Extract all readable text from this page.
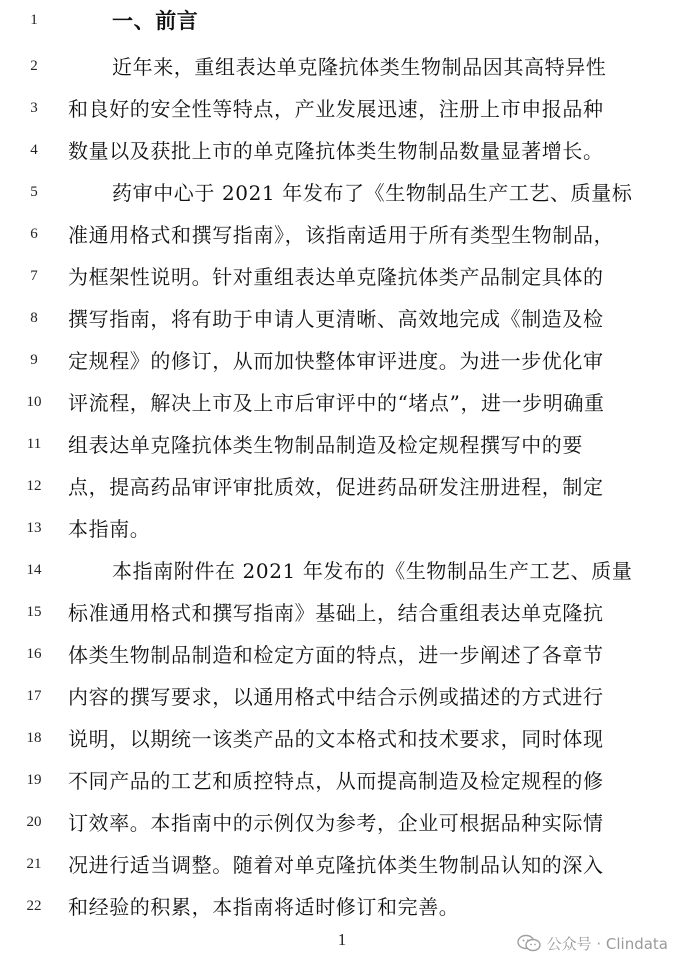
1
2
3
4
5
6
7
8
9
10
11
12
13
14
15
16
17
18
19
20
21
22
一、前言
近年来，重组表达单克隆抗体类生物制品因其高特异性
和良好的安全性等特点，产业发展迅速，注册上市申报品种
数量以及获批上市的单克隆抗体类生物制品数量显著增长。
药审中心于 2021 年发布了《生物制品生产工艺、质量标
准通用格式和撰写指南》，该指南适用于所有类型生物制品，
为框架性说明。针对重组表达单克隆抗体类产品制定具体的
撰写指南，将有助于申请人更清晰、高效地完成《制造及检
定规程》的修订，从而加快整体审评进度。为进一步优化审
评流程，解决上市及上市后审评中的“堵点”，进一步明确重
组表达单克隆抗体类生物制品制造及检定规程撰写中的要
点，提高药品审评审批质效，促进药品研发注册进程，制定
本指南。
本指南附件在 2021 年发布的《生物制品生产工艺、质量
标准通用格式和撰写指南》基础上，结合重组表达单克隆抗
体类生物制品制造和检定方面的特点，进一步阐述了各章节
内容的撰写要求，以通用格式中结合示例或描述的方式进行
说明，以期统一该类产品的文本格式和技术要求，同时体现
不同产品的工艺和质控特点，从而提高制造及检定规程的修
订效率。本指南中的示例仅为参考，企业可根据品种实际情
况进行适当调整。随着对单克隆抗体类生物制品认知的深入
和经验的积累，本指南将适时修订和完善。
1	公众号 · Clindata
